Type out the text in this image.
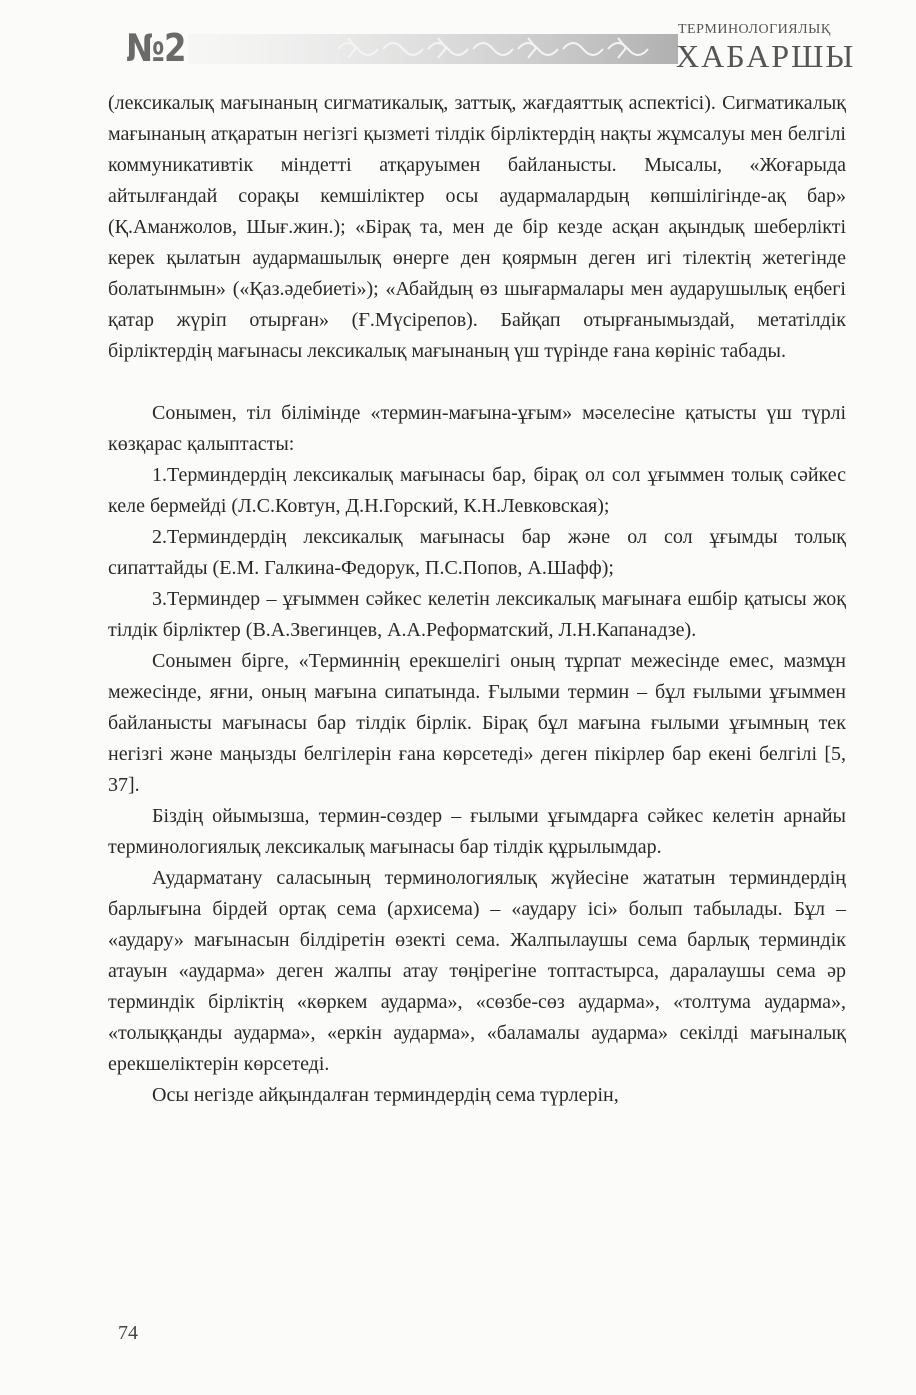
№2	ТЕРМИНОЛОГИЯЛЫҚ
ХАБАРШЫ

(лексикалық мағынаның сигматикалық, заттық, жағдаяттық аспектісі). Сигматикалық мағынаның атқаратын негізгі қызметі тілдік бірліктердің нақты жұмсалуы мен белгілі коммуникативтік міндетті атқаруымен байланысты. Мысалы, «Жоғарыда айтылғандай сорақы кемшіліктер осы аудармалардың көпшілігінде-ақ бар» (Қ.Аманжолов, Шығ.жин.); «Бірақ та, мен де бір кезде асқан ақындық шеберлікті керек қылатын аудармашылық өнерге ден қоярмын деген игі тілектің жетегінде болатынмын» («Қаз.әдебиеті»); «Абайдың өз шығармалары мен аударушылық еңбегі қатар жүріп отырған» (Ғ.Мүсірепов). Байқап отырғанымыздай, метатілдік бірліктердің мағынасы лексикалық мағынаның үш түрінде ғана көрініс табады.

Сонымен, тіл білімінде «термин-мағына-ұғым» мәселесіне қатысты үш түрлі көзқарас қалыптасты:

1.Терминдердің лексикалық мағынасы бар, бірақ ол сол ұғыммен толық сәйкес келе бермейді (Л.С.Ковтун, Д.Н.Горский, К.Н.Левковская);

2.Терминдердің лексикалық мағынасы бар және ол сол ұғымды толық сипаттайды (Е.М. Галкина-Федорук, П.С.Попов, А.Шафф);

3.Терминдер – ұғыммен сәйкес келетін лексикалық мағынаға ешбір қатысы жоқ тілдік бірліктер (В.А.Звегинцев, А.А.Реформатский, Л.Н.Капанадзе).

Сонымен бірге, «Терминнің ерекшелігі оның тұрпат межесінде емес, мазмұн межесінде, яғни, оның мағына сипатында. Ғылыми термин – бұл ғылыми ұғыммен байланысты мағынасы бар тілдік бірлік. Бірақ бұл мағына ғылыми ұғымның тек негізгі және маңызды белгілерін ғана көрсетеді» деген пікірлер бар екені белгілі [5, 37].

Біздің ойымызша, термин-сөздер – ғылыми ұғымдарға сәйкес келетін арнайы терминологиялық лексикалық мағынасы бар тілдік құрылымдар.

Аударматану саласының терминологиялық жүйесіне жататын терминдердің барлығына бірдей ортақ сема (архисема) – «аудару ісі» болып табылады. Бұл – «аудару» мағынасын білдіретін өзекті сема. Жалпылаушы сема барлық терминдік атауын «аударма» деген жалпы атау төңірегіне топтастырса, даралаушы сема әр терминдік бірліктің «көркем аударма», «сөзбе-сөз аударма», «толтума аударма», «толыққанды аударма», «еркін аударма», «баламалы аударма» секілді мағыналық ерекшеліктерін көрсетеді.

Осы негізде айқындалған терминдердің сема түрлерін,

74
